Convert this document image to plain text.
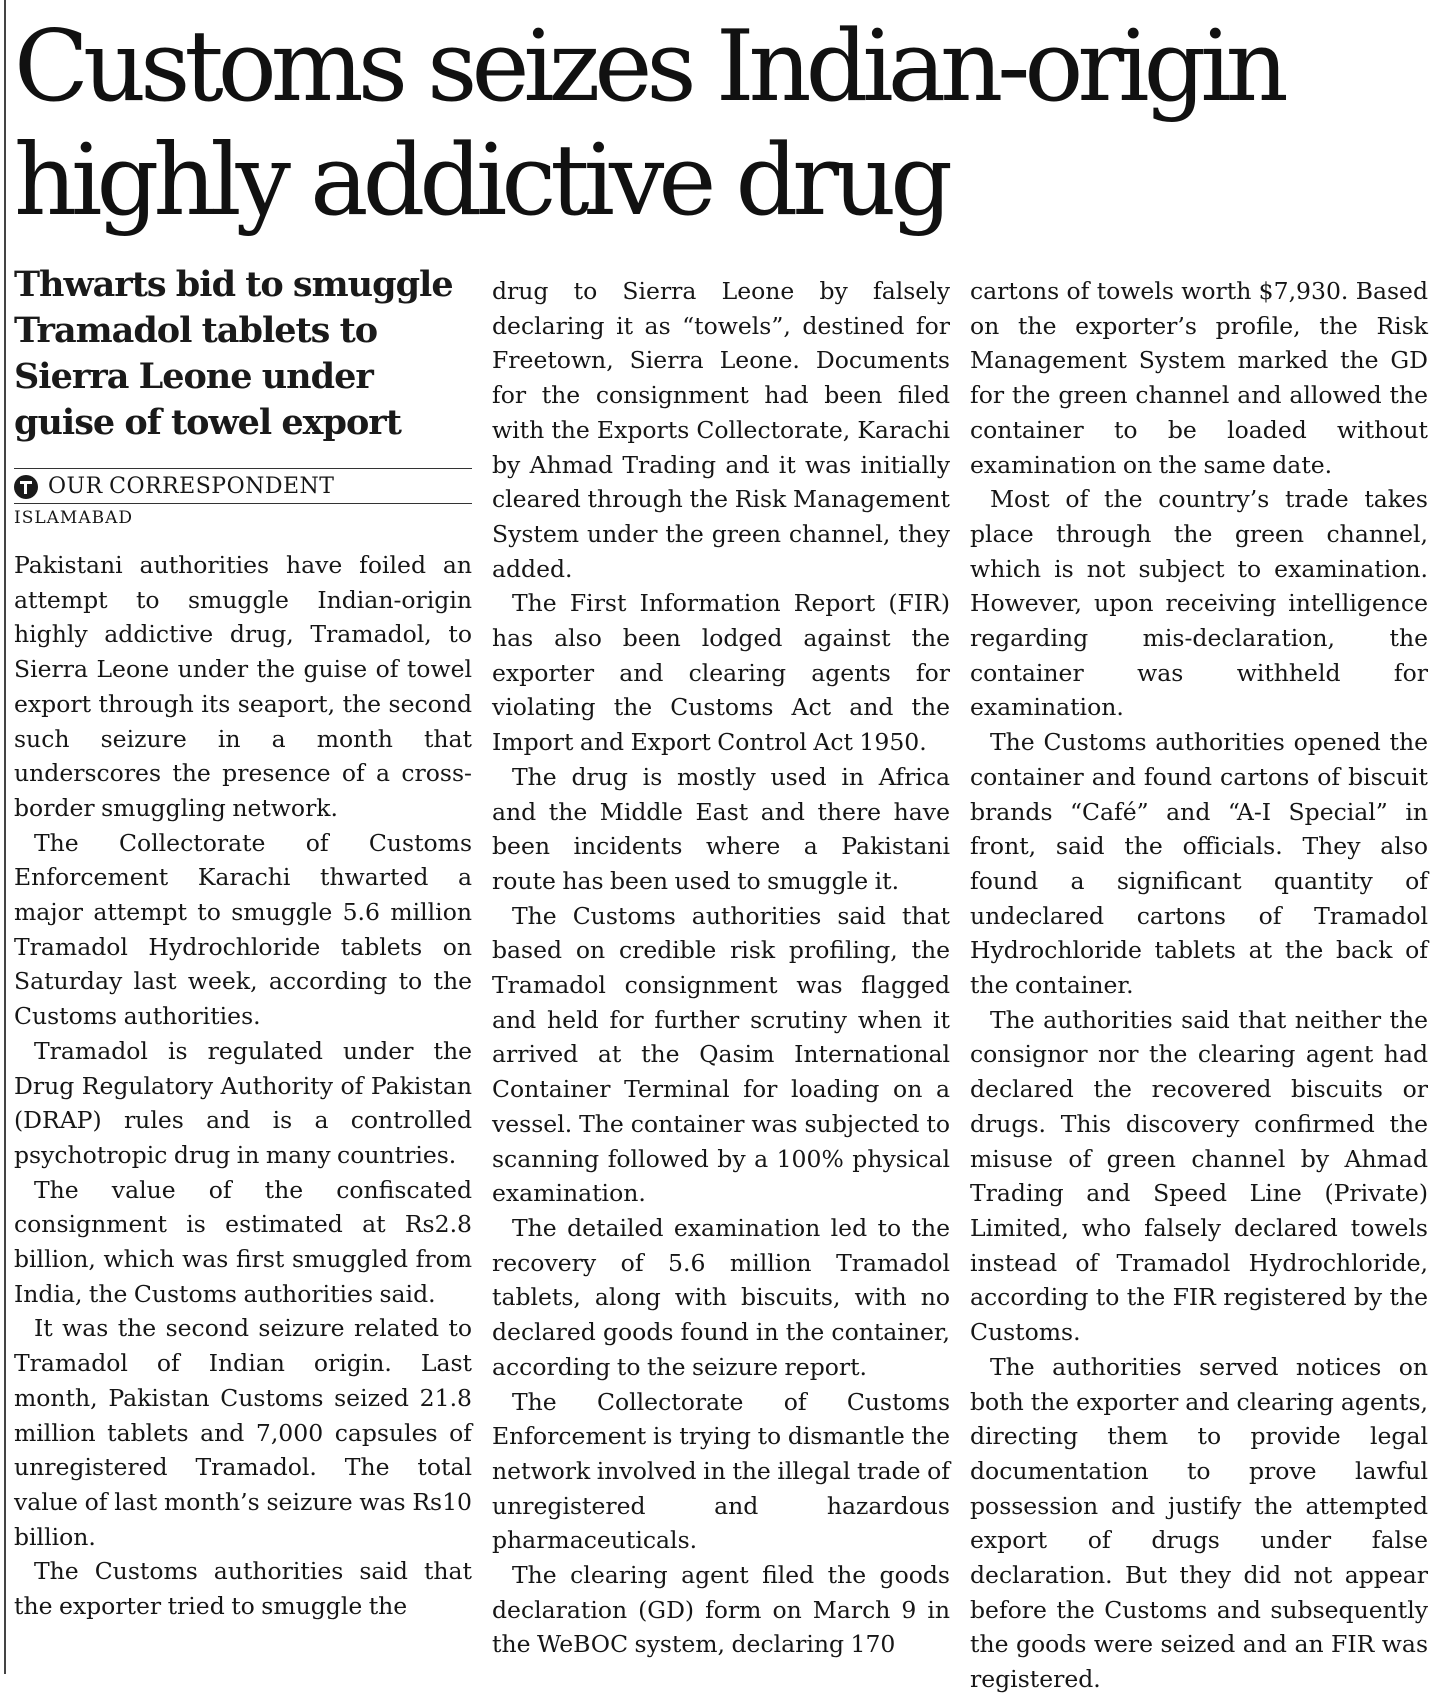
Customs seizes Indian-origin highly addictive drug
Thwarts bid to smuggle Tramadol tablets to Sierra Leone under guise of towel export
OUR CORRESPONDENT
ISLAMABAD

Pakistani authorities have foiled an attempt to smuggle Indian-origin highly addictive drug, Tramadol, to Sierra Leone under the guise of towel export through its seaport, the second such seizure in a month that underscores the presence of a cross-border smuggling network.

The Collectorate of Customs Enforcement Karachi thwarted a major attempt to smuggle 5.6 million Tramadol Hydrochloride tablets on Saturday last week, according to the Customs authorities.

Tramadol is regulated under the Drug Regulatory Authority of Pakistan (DRAP) rules and is a controlled psychotropic drug in many countries.

The value of the confiscated consignment is estimated at Rs2.8 billion, which was first smuggled from India, the Customs authorities said.

It was the second seizure related to Tramadol of Indian origin. Last month, Pakistan Customs seized 21.8 million tablets and 7,000 capsules of unregistered Tramadol. The total value of last month’s seizure was Rs10 billion.

The Customs authorities said that the exporter tried to smuggle the

drug to Sierra Leone by falsely declaring it as “towels”, destined for Freetown, Sierra Leone. Documents for the consignment had been filed with the Exports Collectorate, Karachi by Ahmad Trading and it was initially cleared through the Risk Management System under the green channel, they added.

The First Information Report (FIR) has also been lodged against the exporter and clearing agents for violating the Customs Act and the Import and Export Control Act 1950.

The drug is mostly used in Africa and the Middle East and there have been incidents where a Pakistani route has been used to smuggle it.

The Customs authorities said that based on credible risk profiling, the Tramadol consignment was flagged and held for further scrutiny when it arrived at the Qasim International Container Terminal for loading on a vessel. The container was subjected to scanning followed by a 100% physical examination.

The detailed examination led to the recovery of 5.6 million Tramadol tablets, along with biscuits, with no declared goods found in the container, according to the seizure report.

The Collectorate of Customs Enforcement is trying to dismantle the network involved in the illegal trade of unregistered and hazardous pharmaceuticals.

The clearing agent filed the goods declaration (GD) form on March 9 in the WeBOC system, declaring 170

cartons of towels worth $7,930. Based on the exporter’s profile, the Risk Management System marked the GD for the green channel and allowed the container to be loaded without examination on the same date.

Most of the country’s trade takes place through the green channel, which is not subject to examination. However, upon receiving intelligence regarding mis-declaration, the container was withheld for examination.

The Customs authorities opened the container and found cartons of biscuit brands “Café” and “A-I Special” in front, said the officials. They also found a significant quantity of undeclared cartons of Tramadol Hydrochloride tablets at the back of the container.

The authorities said that neither the consignor nor the clearing agent had declared the recovered biscuits or drugs. This discovery confirmed the misuse of green channel by Ahmad Trading and Speed Line (Private) Limited, who falsely declared towels instead of Tramadol Hydrochloride, according to the FIR registered by the Customs.

The authorities served notices on both the exporter and clearing agents, directing them to provide legal documentation to prove lawful possession and justify the attempted export of drugs under false declaration. But they did not appear before the Customs and subsequently the goods were seized and an FIR was registered.
